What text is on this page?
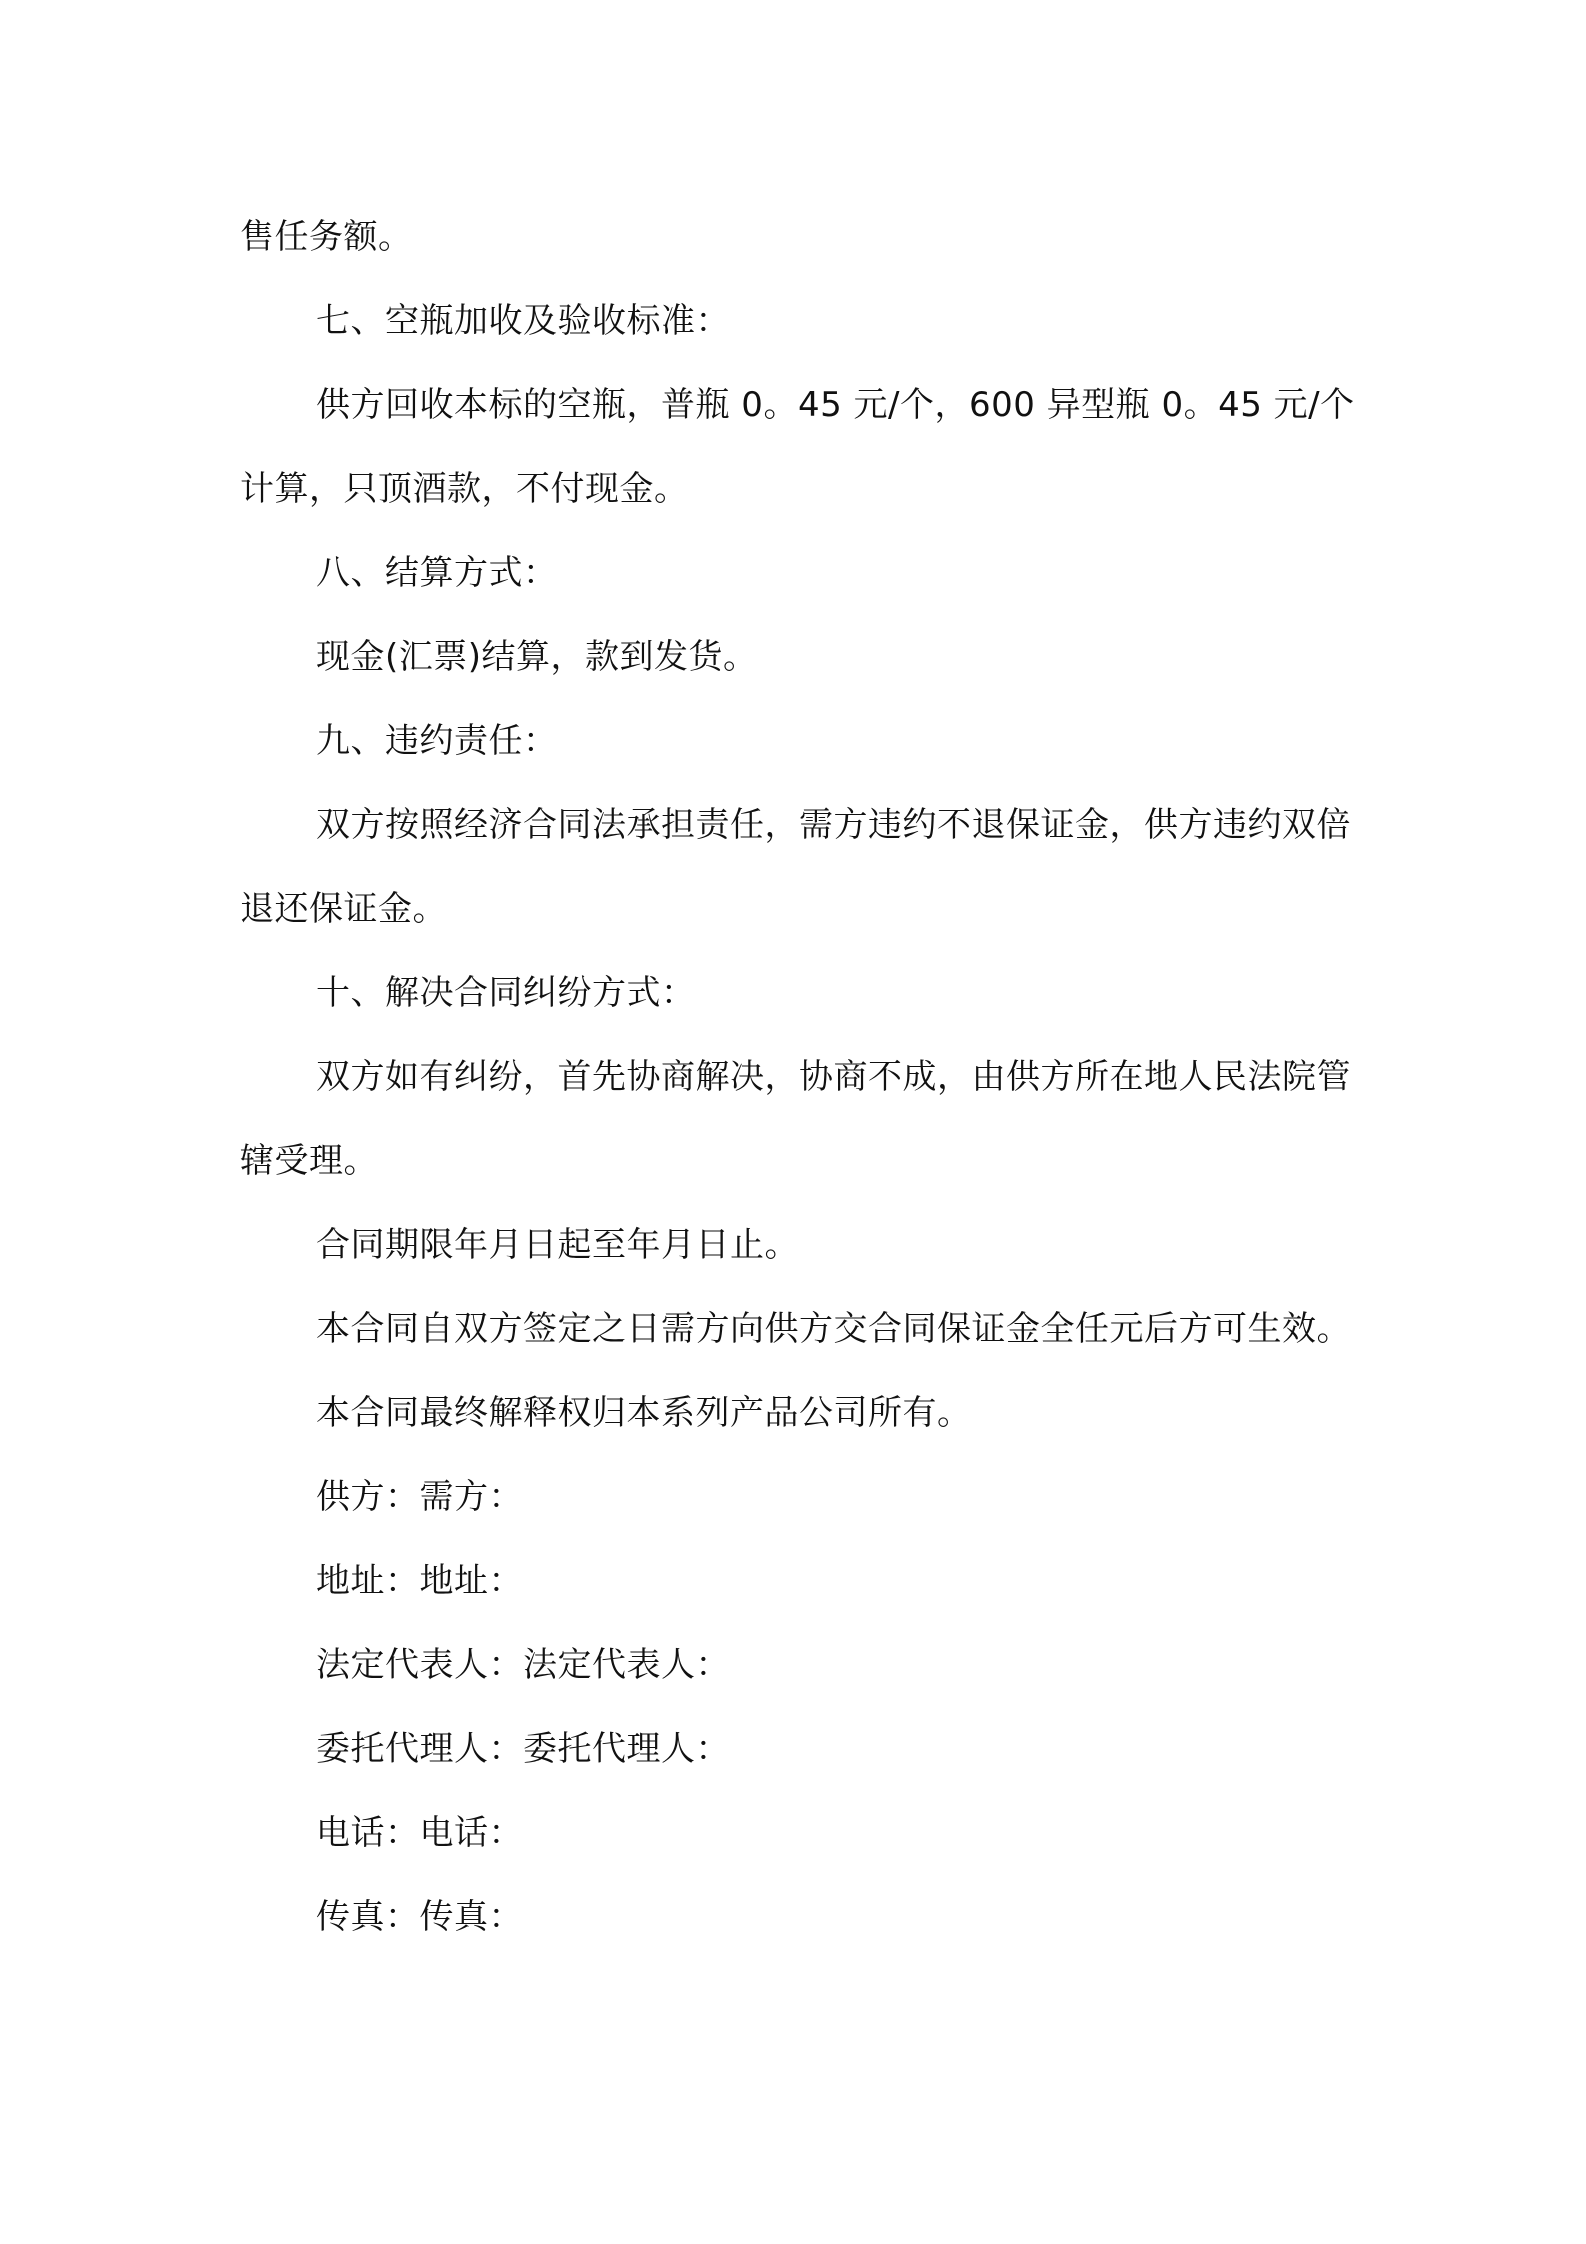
售任务额。

七、空瓶加收及验收标准：

供方回收本标的空瓶，普瓶 0。45 元/个，600 异型瓶 0。45 元/个计算，只顶酒款，不付现金。

八、结算方式：

现金(汇票)结算，款到发货。

九、违约责任：

双方按照经济合同法承担责任，需方违约不退保证金，供方违约双倍退还保证金。

十、解决合同纠纷方式：

双方如有纠纷，首先协商解决，协商不成，由供方所在地人民法院管辖受理。

合同期限年月日起至年月日止。

本合同自双方签定之日需方向供方交合同保证金全任元后方可生效。

本合同最终解释权归本系列产品公司所有。

供方：需方：

地址：地址：

法定代表人：法定代表人：

委托代理人：委托代理人：

电话：电话：

传真：传真：
